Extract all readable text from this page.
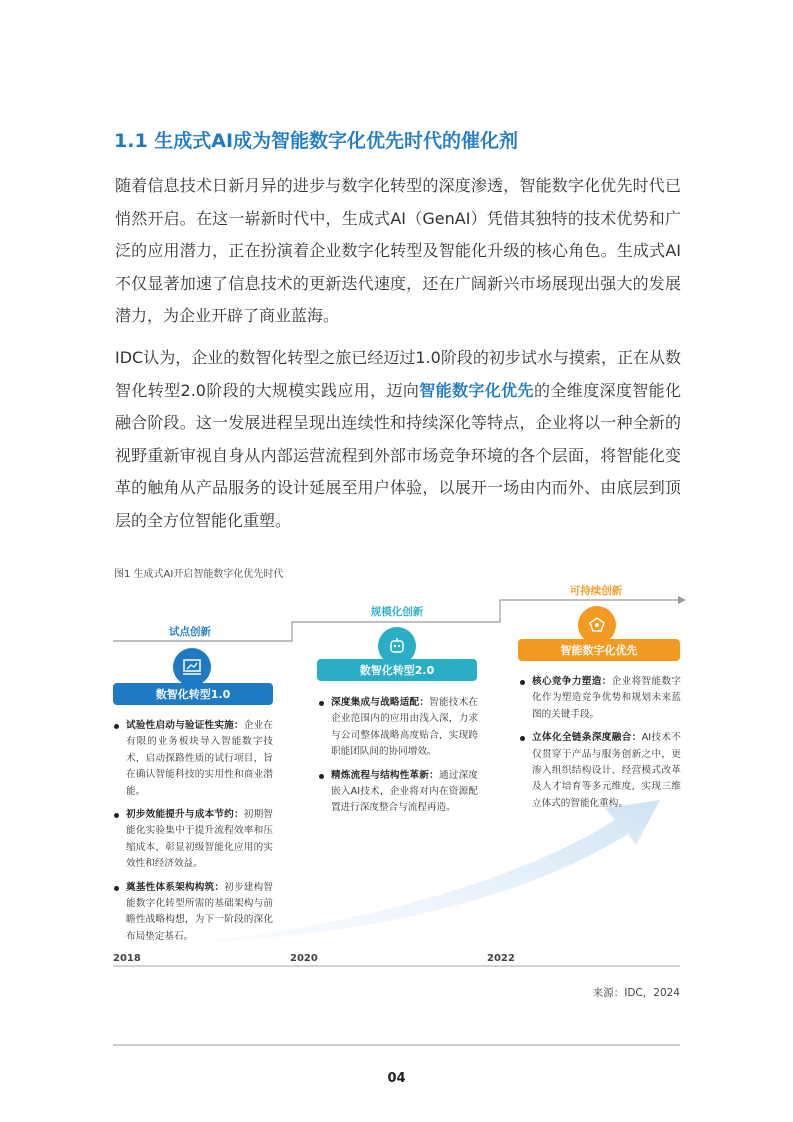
1.1 生成式AI成为智能数字化优先时代的催化剂

随着信息技术日新月异的进步与数字化转型的深度渗透，智能数字化优先时代已悄然开启。在这一崭新时代中，生成式AI（GenAI）凭借其独特的技术优势和广泛的应用潜力，正在扮演着企业数字化转型及智能化升级的核心角色。生成式AI不仅显著加速了信息技术的更新迭代速度，还在广阔新兴市场展现出强大的发展潜力，为企业开辟了商业蓝海。

IDC认为，企业的数智化转型之旅已经迈过1.0阶段的初步试水与摸索，正在从数智化转型2.0阶段的大规模实践应用，迈向智能数字化优先的全维度深度智能化融合阶段。这一发展进程呈现出连续性和持续深化等特点，企业将以一种全新的视野重新审视自身从内部运营流程到外部市场竞争环境的各个层面，将智能化变革的触角从产品服务的设计延展至用户体验，以展开一场由内而外、由底层到顶层的全方位智能化重塑。

图1 生成式AI开启智能数字化优先时代
试点创新
规模化创新
可持续创新
数智化转型1.0
数智化转型2.0
智能数字化优先
试验性启动与验证性实施：企业在有限的业务板块导入智能数字技术，启动探路性质的试行项目，旨在确认智能科技的实用性和商业潜能。
初步效能提升与成本节约：初期智能化实验集中于提升流程效率和压缩成本，彰显初级智能化应用的实效性和经济效益。
奠基性体系架构构筑：初步建构智能数字化转型所需的基础架构与前瞻性战略构想，为下一阶段的深化布局垫定基石。
深度集成与战略适配：智能技术在企业范围内的应用由浅入深，力求与公司整体战略高度贴合，实现跨职能团队间的协同增效。
精炼流程与结构性革新：通过深度嵌入AI技术，企业将对内在资源配置进行深度整合与流程再造。
核心竞争力塑造：企业将智能数字化作为塑造竞争优势和规划未来蓝图的关键手段。
立体化全链条深度融合：AI技术不仅贯穿于产品与服务创新之中，更渗入组织结构设计、经营模式改革及人才培育等多元维度，实现三维立体式的智能化重构。
2018	2020	2022
来源：IDC，2024
04
